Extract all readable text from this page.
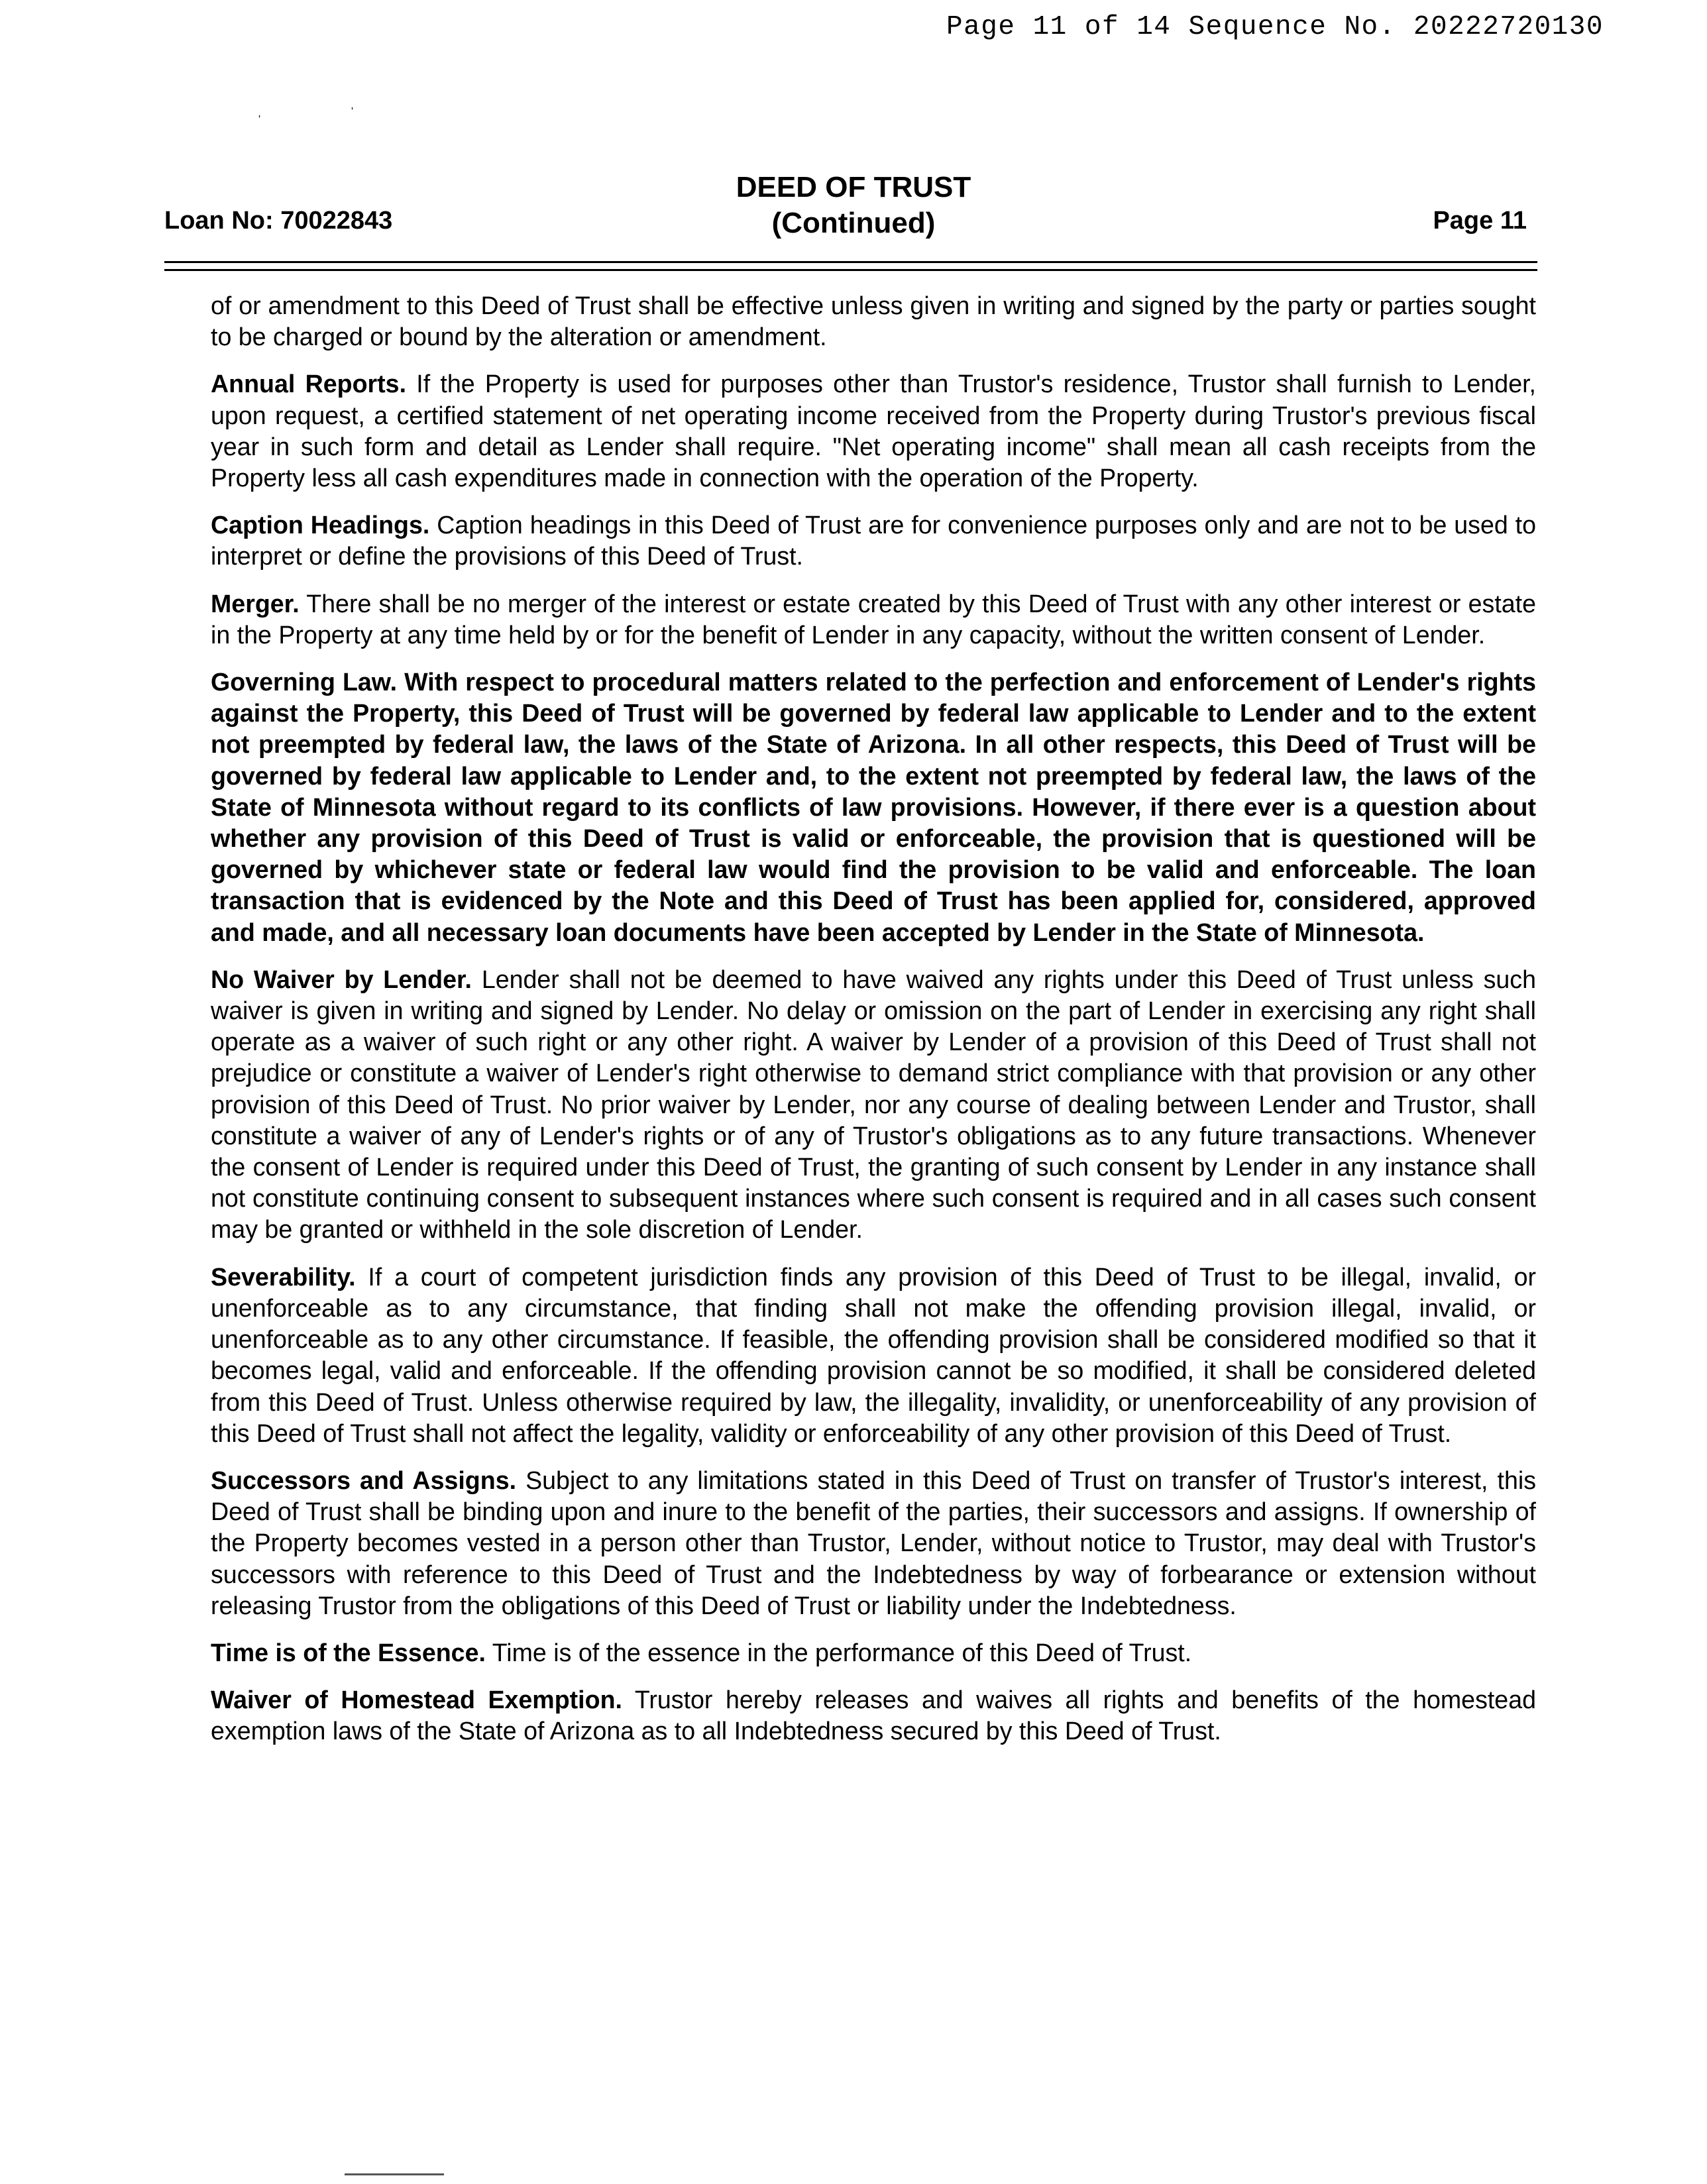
Page 11 of 14 Sequence No. 20222720130
'
'
DEED OF TRUST
(Continued)
Loan No: 70022843	Page 11

of or amendment to this Deed of Trust shall be effective unless given in writing and signed by the party or parties sought to be charged or bound by the alteration or amendment.

Annual Reports. If the Property is used for purposes other than Trustor's residence, Trustor shall furnish to Lender, upon request, a certified statement of net operating income received from the Property during Trustor's previous fiscal year in such form and detail as Lender shall require. "Net operating income" shall mean all cash receipts from the Property less all cash expenditures made in connection with the operation of the Property.

Caption Headings. Caption headings in this Deed of Trust are for convenience purposes only and are not to be used to interpret or define the provisions of this Deed of Trust.

Merger. There shall be no merger of the interest or estate created by this Deed of Trust with any other interest or estate in the Property at any time held by or for the benefit of Lender in any capacity, without the written consent of Lender.

Governing Law. With respect to procedural matters related to the perfection and enforcement of Lender's rights against the Property, this Deed of Trust will be governed by federal law applicable to Lender and to the extent not preempted by federal law, the laws of the State of Arizona. In all other respects, this Deed of Trust will be governed by federal law applicable to Lender and, to the extent not preempted by federal law, the laws of the State of Minnesota without regard to its conflicts of law provisions. However, if there ever is a question about whether any provision of this Deed of Trust is valid or enforceable, the provision that is questioned will be governed by whichever state or federal law would find the provision to be valid and enforceable. The loan transaction that is evidenced by the Note and this Deed of Trust has been applied for, considered, approved and made, and all necessary loan documents have been accepted by Lender in the State of Minnesota.

No Waiver by Lender. Lender shall not be deemed to have waived any rights under this Deed of Trust unless such waiver is given in writing and signed by Lender. No delay or omission on the part of Lender in exercising any right shall operate as a waiver of such right or any other right. A waiver by Lender of a provision of this Deed of Trust shall not prejudice or constitute a waiver of Lender's right otherwise to demand strict compliance with that provision or any other provision of this Deed of Trust. No prior waiver by Lender, nor any course of dealing between Lender and Trustor, shall constitute a waiver of any of Lender's rights or of any of Trustor's obligations as to any future transactions. Whenever the consent of Lender is required under this Deed of Trust, the granting of such consent by Lender in any instance shall not constitute continuing consent to subsequent instances where such consent is required and in all cases such consent may be granted or withheld in the sole discretion of Lender.

Severability. If a court of competent jurisdiction finds any provision of this Deed of Trust to be illegal, invalid, or unenforceable as to any circumstance, that finding shall not make the offending provision illegal, invalid, or unenforceable as to any other circumstance. If feasible, the offending provision shall be considered modified so that it becomes legal, valid and enforceable. If the offending provision cannot be so modified, it shall be considered deleted from this Deed of Trust. Unless otherwise required by law, the illegality, invalidity, or unenforceability of any provision of this Deed of Trust shall not affect the legality, validity or enforceability of any other provision of this Deed of Trust.

Successors and Assigns. Subject to any limitations stated in this Deed of Trust on transfer of Trustor's interest, this Deed of Trust shall be binding upon and inure to the benefit of the parties, their successors and assigns. If ownership of the Property becomes vested in a person other than Trustor, Lender, without notice to Trustor, may deal with Trustor's successors with reference to this Deed of Trust and the Indebtedness by way of forbearance or extension without releasing Trustor from the obligations of this Deed of Trust or liability under the Indebtedness.

Time is of the Essence. Time is of the essence in the performance of this Deed of Trust.

Waiver of Homestead Exemption. Trustor hereby releases and waives all rights and benefits of the homestead exemption laws of the State of Arizona as to all Indebtedness secured by this Deed of Trust.
